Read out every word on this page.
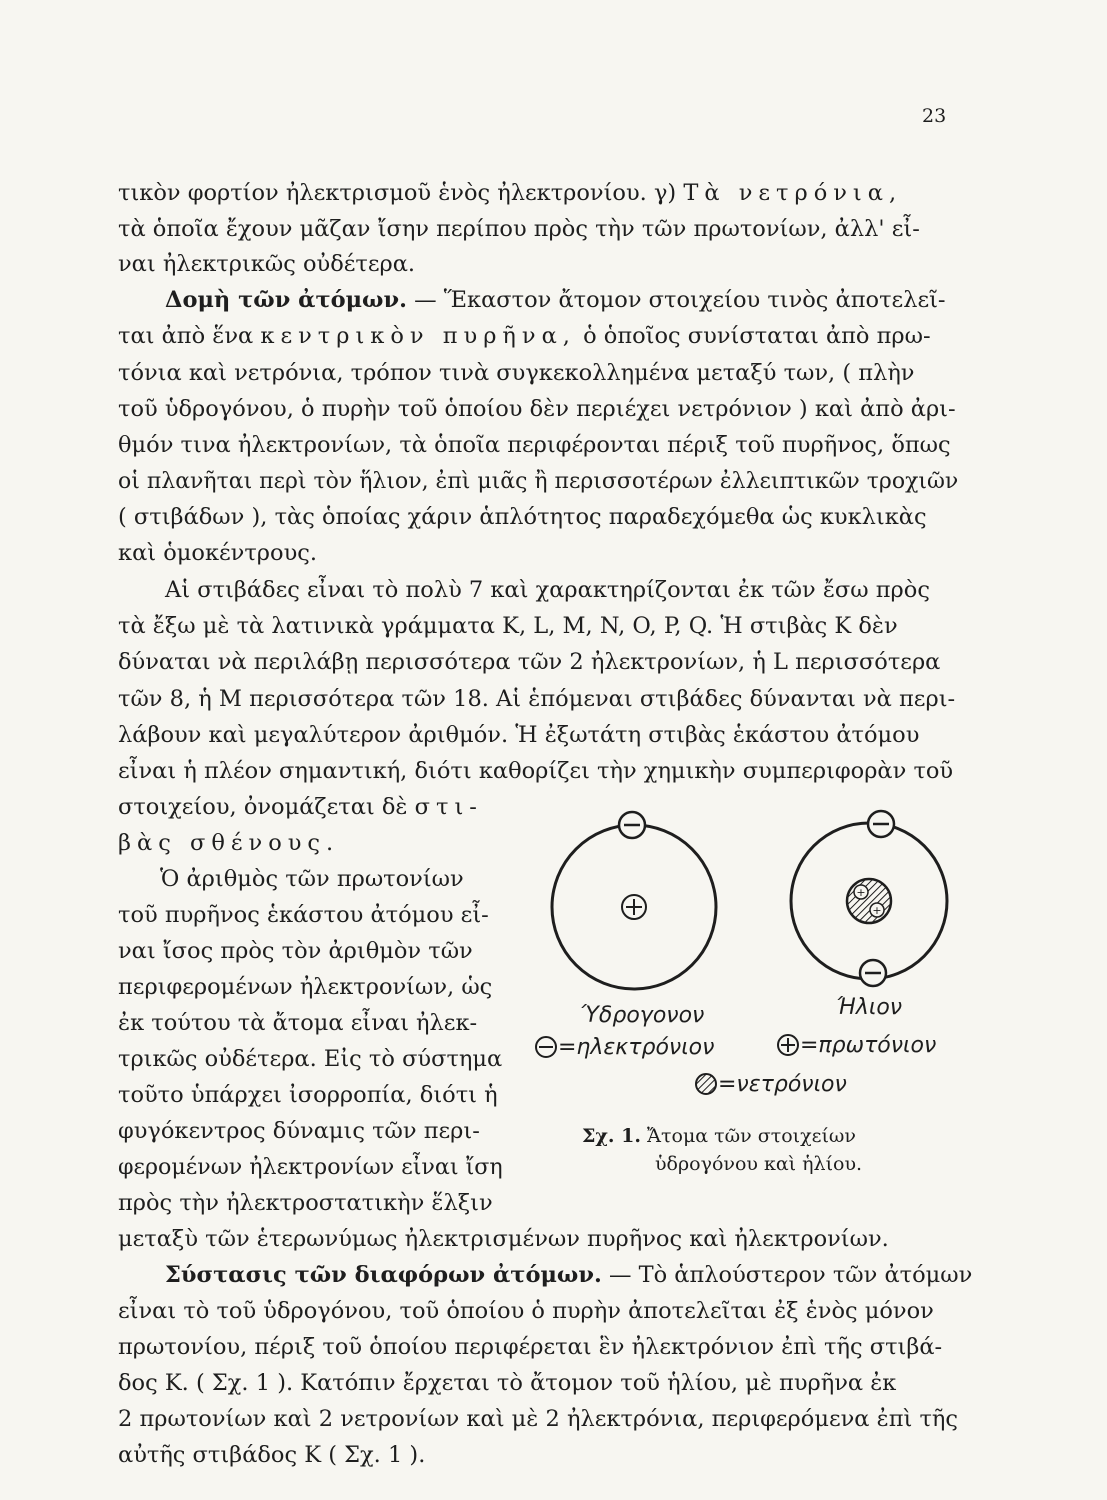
23
τικὸν φορτίον ἠλεκτρισμοῦ ἑνὸς ἠλεκτρονίου. γ) Τὰ νετρόνια,
τὰ ὁποῖα ἔχουν μᾶζαν ἴσην περίπου πρὸς τὴν τῶν πρωτονίων, ἀλλ' εἶ-
ναι ἠλεκτρικῶς οὐδέτερα.
Δομὴ τῶν ἀτόμων. — Ἕκαστον ἄτομον στοιχείου τινὸς ἀποτελεῖ-
ται ἀπὸ ἕνα κεντρικὸν πυρῆνα, ὁ ὁποῖος συνίσταται ἀπὸ πρω-
τόνια καὶ νετρόνια, τρόπον τινὰ συγκεκολλημένα μεταξύ των, ( πλὴν
τοῦ ὑδρογόνου, ὁ πυρὴν τοῦ ὁποίου δὲν περιέχει νετρόνιον ) καὶ ἀπὸ ἀρι-
θμόν τινα ἠλεκτρονίων, τὰ ὁποῖα περιφέρονται πέριξ τοῦ πυρῆνος, ὅπως
οἱ πλανῆται περὶ τὸν ἥλιον, ἐπὶ μιᾶς ἢ περισσοτέρων ἐλλειπτικῶν τροχιῶν
( στιβάδων ), τὰς ὁποίας χάριν ἁπλότητος παραδεχόμεθα ὡς κυκλικὰς
καὶ ὁμοκέντρους.
Αἱ στιβάδες εἶναι τὸ πολὺ 7 καὶ χαρακτηρίζονται ἐκ τῶν ἔσω πρὸς
τὰ ἔξω μὲ τὰ λατινικὰ γράμματα K, L, M, N, O, P, Q. Ἡ στιβὰς K δὲν
δύναται νὰ περιλάβῃ περισσότερα τῶν 2 ἠλεκτρονίων, ἡ L περισσότερα
τῶν 8, ἡ M περισσότερα τῶν 18. Αἱ ἑπόμεναι στιβάδες δύνανται νὰ περι-
λάβουν καὶ μεγαλύτερον ἀριθμόν. Ἡ ἐξωτάτη στιβὰς ἑκάστου ἀτόμου
εἶναι ἡ πλέον σημαντική, διότι καθορίζει τὴν χημικὴν συμπεριφορὰν τοῦ
στοιχείου, ὀνομάζεται δὲ στι-
βὰς σθένους.
Ὁ ἀριθμὸς τῶν πρωτονίων
τοῦ πυρῆνος ἑκάστου ἀτόμου εἶ-
ναι ἴσος πρὸς τὸν ἀριθμὸν τῶν
περιφερομένων ἠλεκτρονίων, ὡς
ἐκ τούτου τὰ ἄτομα εἶναι ἠλεκ-
τρικῶς οὐδέτερα. Εἰς τὸ σύστημα
τοῦτο ὑπάρχει ἰσορροπία, διότι ἡ
φυγόκεντρος δύναμις τῶν περι-
φερομένων ἠλεκτρονίων εἶναι ἴση
πρὸς τὴν ἠλεκτροστατικὴν ἕλξιν
μεταξὺ τῶν ἑτερωνύμως ἠλεκτρισμένων πυρῆνος καὶ ἠλεκτρονίων.
+
+
Ύδρογονον	Ήλιον
=ηλεκτρόνιον	=πρωτόνιον
=νετρόνιον
Σχ. 1. Ἄτομα τῶν στοιχείων
ὑδρογόνου καὶ ἡλίου.
Σύστασις τῶν διαφόρων ἀτόμων. — Τὸ ἁπλούστερον τῶν ἀτόμων
εἶναι τὸ τοῦ ὑδρογόνου, τοῦ ὁποίου ὁ πυρὴν ἀποτελεῖται ἐξ ἑνὸς μόνον
πρωτονίου, πέριξ τοῦ ὁποίου περιφέρεται ἓν ἠλεκτρόνιον ἐπὶ τῆς στιβά-
δος K. ( Σχ. 1 ). Κατόπιν ἔρχεται τὸ ἄτομον τοῦ ἡλίου, μὲ πυρῆνα ἐκ
2 πρωτονίων καὶ 2 νετρονίων καὶ μὲ 2 ἠλεκτρόνια, περιφερόμενα ἐπὶ τῆς
αὐτῆς στιβάδος K ( Σχ. 1 ).
